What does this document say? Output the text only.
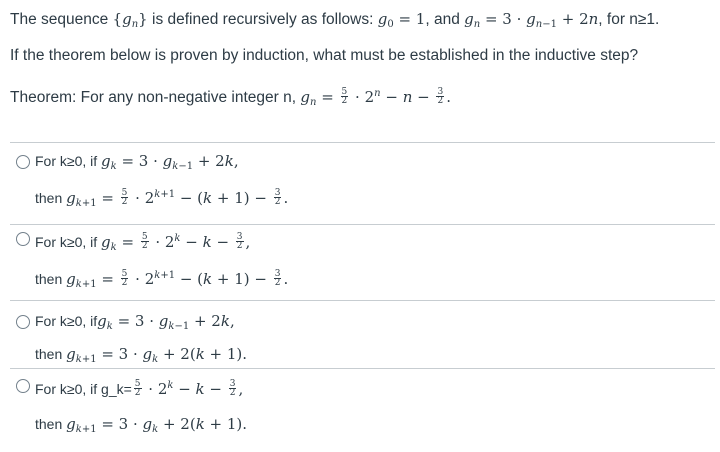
The sequence $\{g_n\}$ is defined recursively as follows: $g_0 = 1$, and $g_n = 3 \cdot g_{n-1} + 2n$, for n≥1.
If the theorem below is proven by induction, what must be established in the inductive step?
Theorem: For any non-negative integer n, $g_n = \frac{5}{2} \cdot 2^n - n - \frac{3}{2}$ .
For k≥0, if $g_k = 3 \cdot g_{k-1} + 2k$,
then $g_{k+1} = \frac{5}{2} \cdot 2^{k+1} - (k + 1) - \frac{3}{2}$ .
For k≥0, if $g_k = \frac{5}{2} \cdot 2^k - k - \frac{3}{2}$ ,
then $g_{k+1} = \frac{5}{2} \cdot 2^{k+1} - (k + 1) - \frac{3}{2}$ .
For k≥0, $ifg_k = 3 \cdot g_{k-1} + 2k$,
then $g_{k+1} = 3 \cdot g_k + 2(k + 1)$.
For k≥0, if g_k= $\frac{5}{2} \cdot 2^k - k - \frac{3}{2}$ ,
then $g_{k+1} = 3 \cdot g_k + 2(k + 1)$.
